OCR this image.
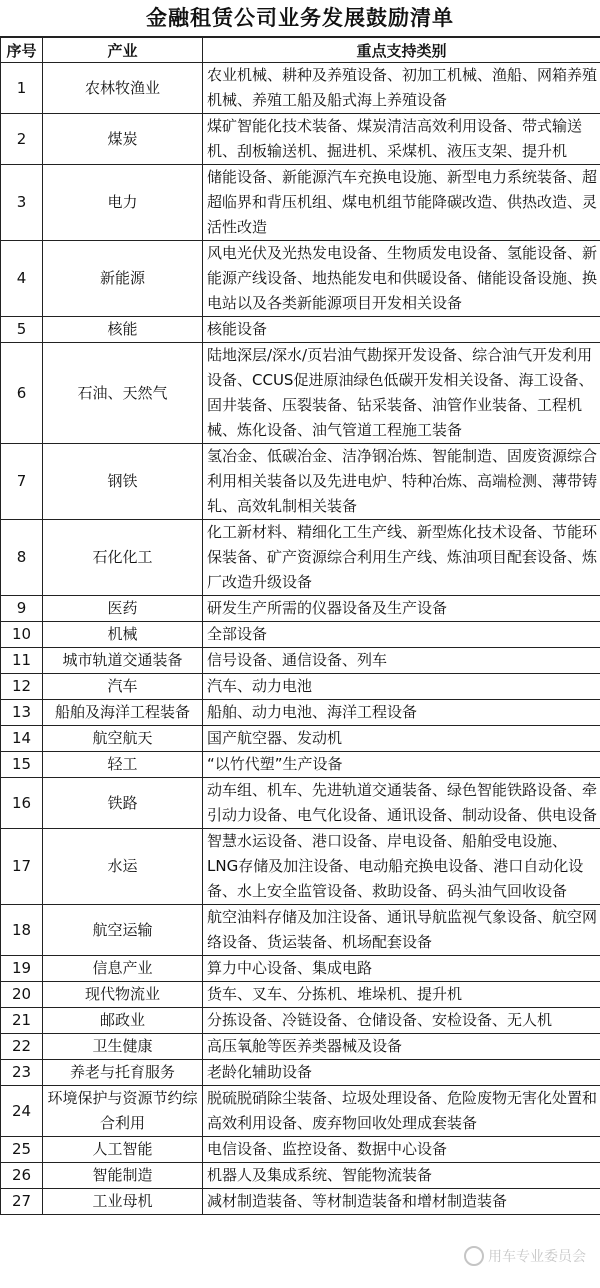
金融租赁公司业务发展鼓励清单
序号	产业	重点支持类别
1	农林牧渔业	农业机械、耕种及养殖设备、初加工机械、渔船、网箱养殖机械、养殖工船及船式海上养殖设备
2	煤炭	煤矿智能化技术装备、煤炭清洁高效利用设备、带式输送机、刮板输送机、掘进机、采煤机、液压支架、提升机
3	电力	储能设备、新能源汽车充换电设施、新型电力系统装备、超超临界和背压机组、煤电机组节能降碳改造、供热改造、灵活性改造
4	新能源	风电光伏及光热发电设备、生物质发电设备、氢能设备、新能源产线设备、地热能发电和供暖设备、储能设备设施、换电站以及各类新能源项目开发相关设备
5	核能	核能设备
6	石油、天然气	陆地深层/深水/页岩油气勘探开发设备、综合油气开发利用设备、CCUS促进原油绿色低碳开发相关设备、海工设备、固井装备、压裂装备、钻采装备、油管作业装备、工程机械、炼化设备、油气管道工程施工装备
7	钢铁	氢冶金、低碳冶金、洁净钢冶炼、智能制造、固废资源综合利用相关装备以及先进电炉、特种冶炼、高端检测、薄带铸轧、高效轧制相关装备
8	石化化工	化工新材料、精细化工生产线、新型炼化技术设备、节能环保装备、矿产资源综合利用生产线、炼油项目配套设备、炼厂改造升级设备
9	医药	研发生产所需的仪器设备及生产设备
10	机械	全部设备
11	城市轨道交通装备	信号设备、通信设备、列车
12	汽车	汽车、动力电池
13	船舶及海洋工程装备	船舶、动力电池、海洋工程设备
14	航空航天	国产航空器、发动机
15	轻工	“以竹代塑”生产设备
16	铁路	动车组、机车、先进轨道交通装备、绿色智能铁路设备、牵引动力设备、电气化设备、通讯设备、制动设备、供电设备
17	水运	智慧水运设备、港口设备、岸电设备、船舶受电设施、LNG存储及加注设备、电动船充换电设备、港口自动化设备、水上安全监管设备、救助设备、码头油气回收设备
18	航空运输	航空油料存储及加注设备、通讯导航监视气象设备、航空网络设备、货运装备、机场配套设备
19	信息产业	算力中心设备、集成电路
20	现代物流业	货车、叉车、分拣机、堆垛机、提升机
21	邮政业	分拣设备、冷链设备、仓储设备、安检设备、无人机
22	卫生健康	高压氧舱等医养类器械及设备
23	养老与托育服务	老龄化辅助设备
24	环境保护与资源节约综合利用	脱硫脱硝除尘装备、垃圾处理设备、危险废物无害化处置和高效利用设备、废弃物回收处理成套装备
25	人工智能	电信设备、监控设备、数据中心设备
26	智能制造	机器人及集成系统、智能物流装备
27	工业母机	减材制造装备、等材制造装备和增材制造装备
用车专业委员会
